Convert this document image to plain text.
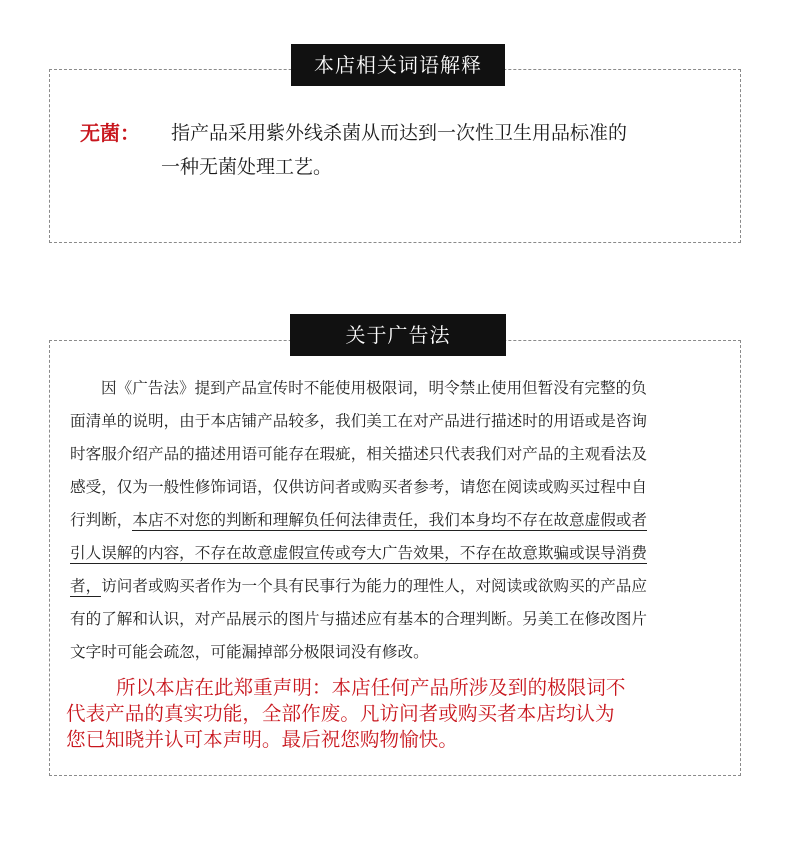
本店相关词语解释
无菌： 指产品采用紫外线杀菌从而达到一次性卫生用品标准的
一种无菌处理工艺。
关于广告法
因《广告法》提到产品宣传时不能使用极限词，明令禁止使用但暂没有完整的负
面清单的说明，由于本店铺产品较多，我们美工在对产品进行描述时的用语或是咨询
时客服介绍产品的描述用语可能存在瑕疵，相关描述只代表我们对产品的主观看法及
感受，仅为一般性修饰词语，仅供访问者或购买者参考，请您在阅读或购买过程中自
行判断，本店不对您的判断和理解负任何法律责任，我们本身均不存在故意虚假或者
引人误解的内容，不存在故意虚假宣传或夸大广告效果，不存在故意欺骗或误导消费
者，访问者或购买者作为一个具有民事行为能力的理性人，对阅读或欲购买的产品应
有的了解和认识，对产品展示的图片与描述应有基本的合理判断。另美工在修改图片
文字时可能会疏忽，可能漏掉部分极限词没有修改。
所以本店在此郑重声明：本店任何产品所涉及到的极限词不
代表产品的真实功能，全部作废。凡访问者或购买者本店均认为
您已知晓并认可本声明。最后祝您购物愉快。
